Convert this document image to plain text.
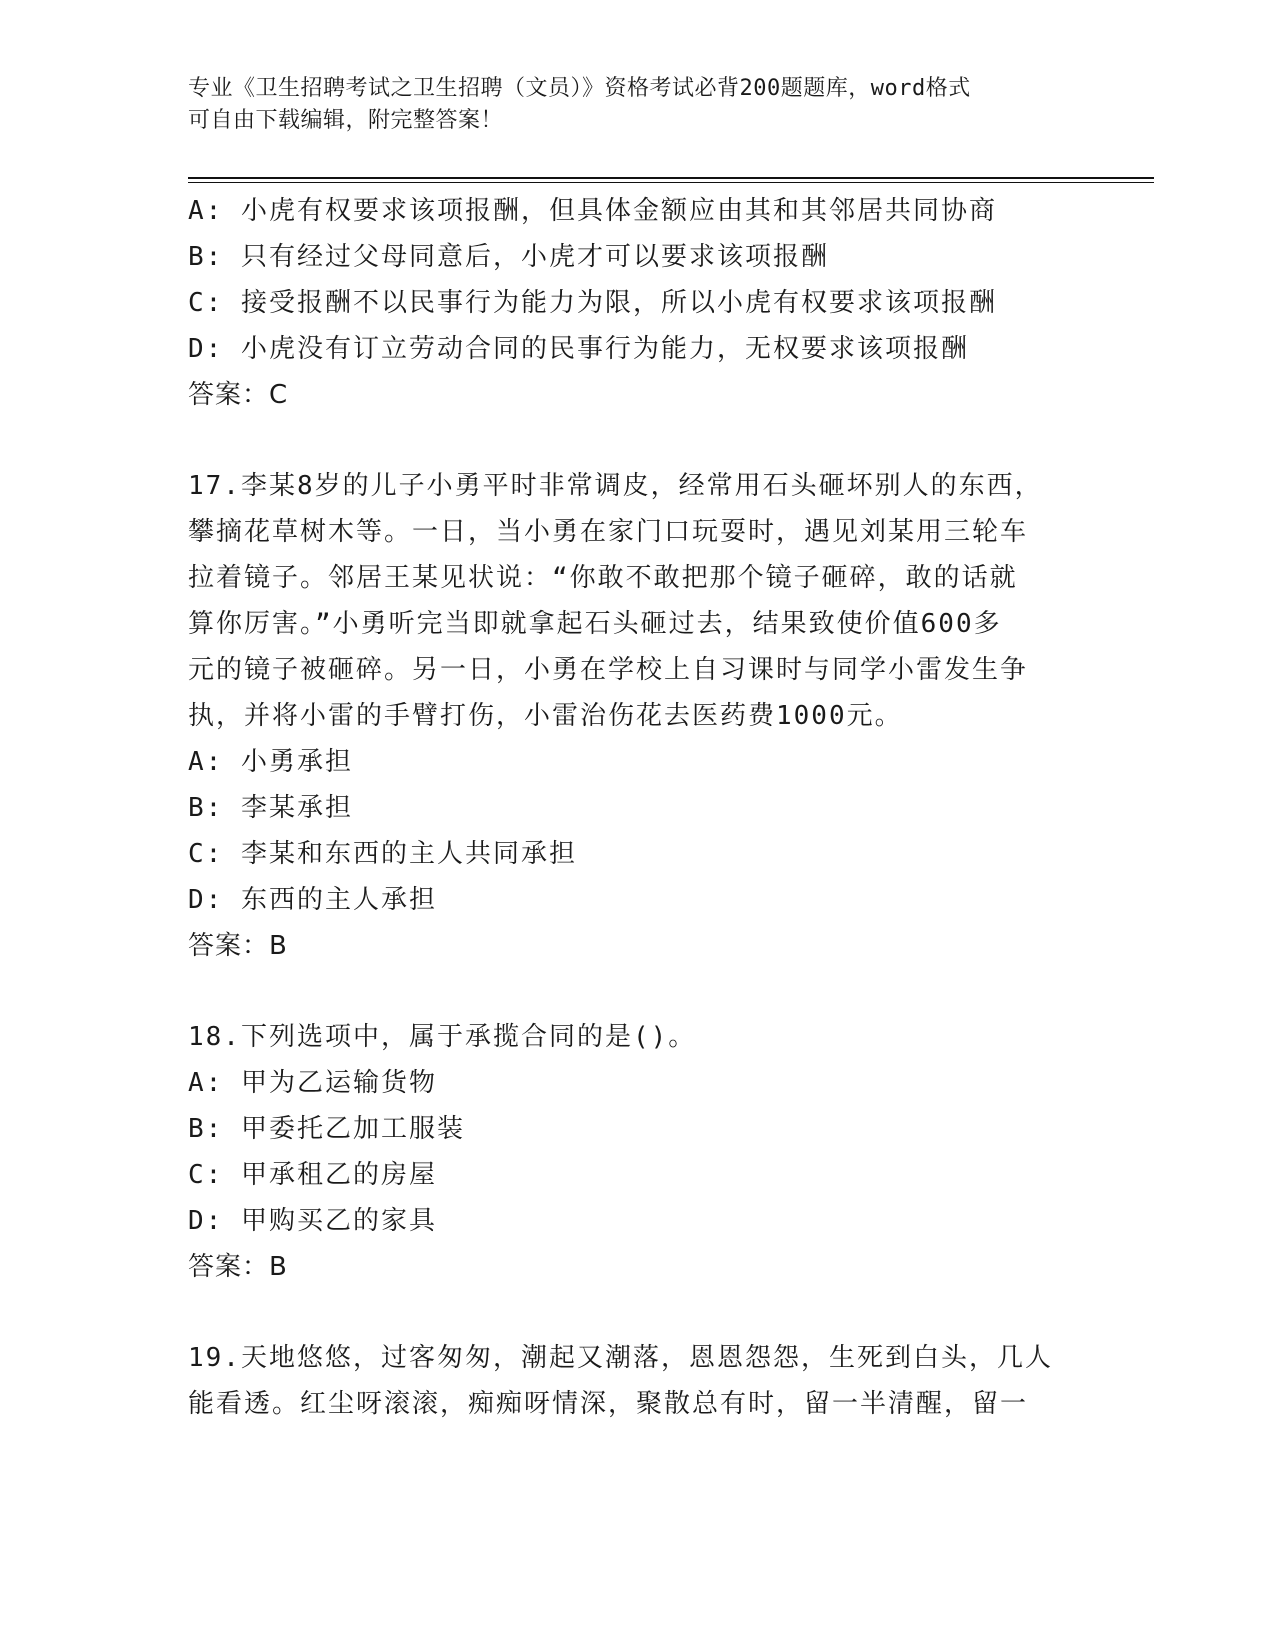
专业《卫生招聘考试之卫生招聘（文员）》资格考试必背200题题库，word格式
可自由下载编辑，附完整答案！
A: 小虎有权要求该项报酬，但具体金额应由其和其邻居共同协商
B: 只有经过父母同意后，小虎才可以要求该项报酬
C: 接受报酬不以民事行为能力为限，所以小虎有权要求该项报酬
D: 小虎没有订立劳动合同的民事行为能力，无权要求该项报酬
答案：C
17.李某8岁的儿子小勇平时非常调皮，经常用石头砸坏别人的东西，
攀摘花草树木等。一日，当小勇在家门口玩耍时，遇见刘某用三轮车
拉着镜子。邻居王某见状说：“你敢不敢把那个镜子砸碎，敢的话就
算你厉害。”小勇听完当即就拿起石头砸过去，结果致使价值600多
元的镜子被砸碎。另一日，小勇在学校上自习课时与同学小雷发生争
执，并将小雷的手臂打伤，小雷治伤花去医药费1000元。
A: 小勇承担
B: 李某承担
C: 李某和东西的主人共同承担
D: 东西的主人承担
答案：B
18.下列选项中，属于承揽合同的是()。
A: 甲为乙运输货物
B: 甲委托乙加工服装
C: 甲承租乙的房屋
D: 甲购买乙的家具
答案：B
19.天地悠悠，过客匆匆，潮起又潮落，恩恩怨怨，生死到白头，几人
能看透。红尘呀滚滚，痴痴呀情深，聚散总有时，留一半清醒，留一
